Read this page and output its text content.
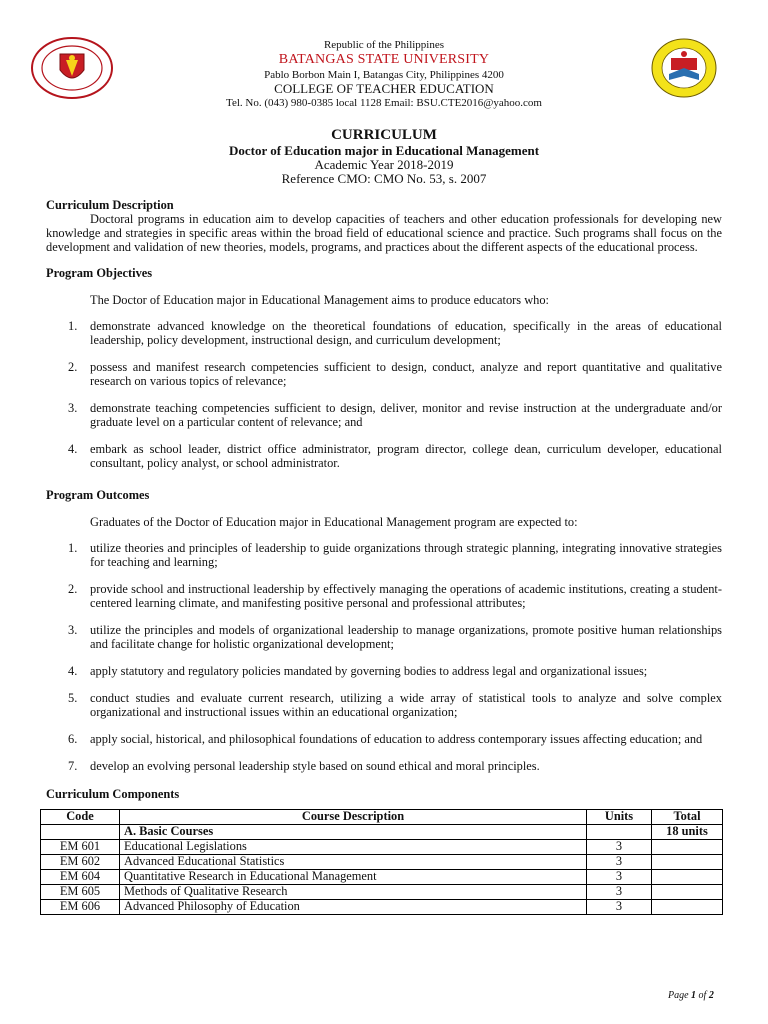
Republic of the Philippines
BATANGAS STATE UNIVERSITY
Pablo Borbon Main I, Batangas City, Philippines 4200
COLLEGE OF TEACHER EDUCATION
Tel. No. (043) 980-0385 local 1128 Email: BSU.CTE2016@yahoo.com
CURRICULUM
Doctor of Education major in Educational Management
Academic Year 2018-2019
Reference CMO: CMO No. 53, s. 2007
Curriculum Description

Doctoral programs in education aim to develop capacities of teachers and other education professionals for developing new knowledge and strategies in specific areas within the broad field of educational science and practice. Such programs shall focus on the development and validation of new theories, models, programs, and practices about the different aspects of the educational process.

Program Objectives

The Doctor of Education major in Educational Management aims to produce educators who:

1. demonstrate advanced knowledge on the theoretical foundations of education, specifically in the areas of educational leadership, policy development, instructional design, and curriculum development;
2. possess and manifest research competencies sufficient to design, conduct, analyze and report quantitative and qualitative research on various topics of relevance;
3. demonstrate teaching competencies sufficient to design, deliver, monitor and revise instruction at the undergraduate and/or graduate level on a particular content of relevance; and
4. embark as school leader, district office administrator, program director, college dean, curriculum developer, educational consultant, policy analyst, or school administrator.
Program Outcomes

Graduates of the Doctor of Education major in Educational Management program are expected to:

1. utilize theories and principles of leadership to guide organizations through strategic planning, integrating innovative strategies for teaching and learning;
2. provide school and instructional leadership by effectively managing the operations of academic institutions, creating a student-centered learning climate, and manifesting positive personal and professional attributes;
3. utilize the principles and models of organizational leadership to manage organizations, promote positive human relationships and facilitate change for holistic organizational development;
4. apply statutory and regulatory policies mandated by governing bodies to address legal and organizational issues;
5. conduct studies and evaluate current research, utilizing a wide array of statistical tools to analyze and solve complex organizational and instructional issues within an educational organization;
6. apply social, historical, and philosophical foundations of education to address contemporary issues affecting education; and
7. develop an evolving personal leadership style based on sound ethical and moral principles.
Curriculum Components
Code	Course Description	Units	Total
	A. Basic Courses		18 units
EM 601	Educational Legislations	3	
EM 602	Advanced Educational Statistics	3	
EM 604	Quantitative Research in Educational Management	3	
EM 605	Methods of Qualitative Research	3	
EM 606	Advanced Philosophy of Education	3	
Page 1 of 2
